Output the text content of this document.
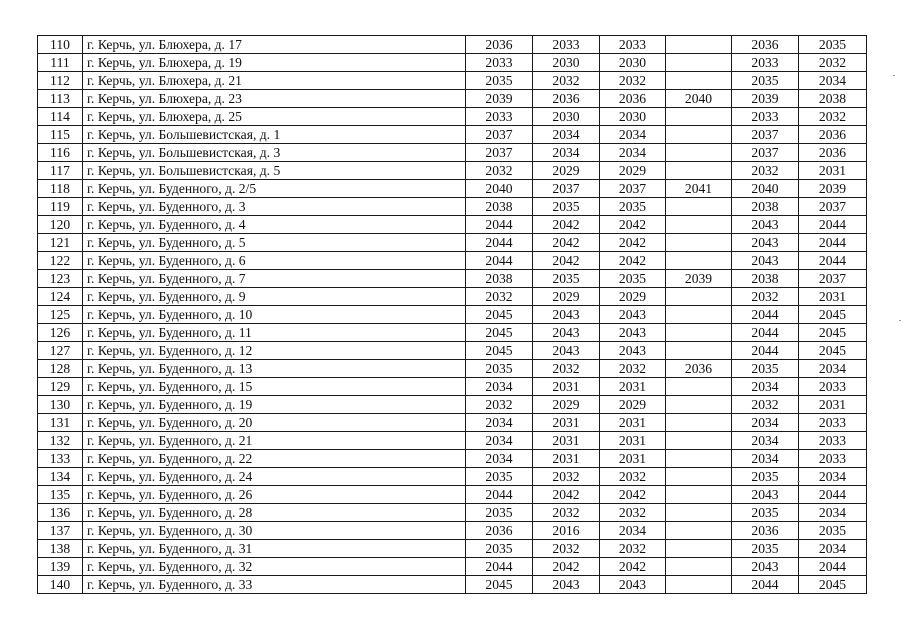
110	г. Керчь, ул. Блюхера, д. 17	2036	2033	2033		2036	2035
111	г. Керчь, ул. Блюхера, д. 19	2033	2030	2030		2033	2032
112	г. Керчь, ул. Блюхера, д. 21	2035	2032	2032		2035	2034
113	г. Керчь, ул. Блюхера, д. 23	2039	2036	2036	2040	2039	2038
114	г. Керчь, ул. Блюхера, д. 25	2033	2030	2030		2033	2032
115	г. Керчь, ул. Большевистская, д. 1	2037	2034	2034		2037	2036
116	г. Керчь, ул. Большевистская, д. 3	2037	2034	2034		2037	2036
117	г. Керчь, ул. Большевистская, д. 5	2032	2029	2029		2032	2031
118	г. Керчь, ул. Буденного, д. 2/5	2040	2037	2037	2041	2040	2039
119	г. Керчь, ул. Буденного, д. 3	2038	2035	2035		2038	2037
120	г. Керчь, ул. Буденного, д. 4	2044	2042	2042		2043	2044
121	г. Керчь, ул. Буденного, д. 5	2044	2042	2042		2043	2044
122	г. Керчь, ул. Буденного, д. 6	2044	2042	2042		2043	2044
123	г. Керчь, ул. Буденного, д. 7	2038	2035	2035	2039	2038	2037
124	г. Керчь, ул. Буденного, д. 9	2032	2029	2029		2032	2031
125	г. Керчь, ул. Буденного, д. 10	2045	2043	2043		2044	2045
126	г. Керчь, ул. Буденного, д. 11	2045	2043	2043		2044	2045
127	г. Керчь, ул. Буденного, д. 12	2045	2043	2043		2044	2045
128	г. Керчь, ул. Буденного, д. 13	2035	2032	2032	2036	2035	2034
129	г. Керчь, ул. Буденного, д. 15	2034	2031	2031		2034	2033
130	г. Керчь, ул. Буденного, д. 19	2032	2029	2029		2032	2031
131	г. Керчь, ул. Буденного, д. 20	2034	2031	2031		2034	2033
132	г. Керчь, ул. Буденного, д. 21	2034	2031	2031		2034	2033
133	г. Керчь, ул. Буденного, д. 22	2034	2031	2031		2034	2033
134	г. Керчь, ул. Буденного, д. 24	2035	2032	2032		2035	2034
135	г. Керчь, ул. Буденного, д. 26	2044	2042	2042		2043	2044
136	г. Керчь, ул. Буденного, д. 28	2035	2032	2032		2035	2034
137	г. Керчь, ул. Буденного, д. 30	2036	2016	2034		2036	2035
138	г. Керчь, ул. Буденного, д. 31	2035	2032	2032		2035	2034
139	г. Керчь, ул. Буденного, д. 32	2044	2042	2042		2043	2044
140	г. Керчь, ул. Буденного, д. 33	2045	2043	2043		2044	2045
